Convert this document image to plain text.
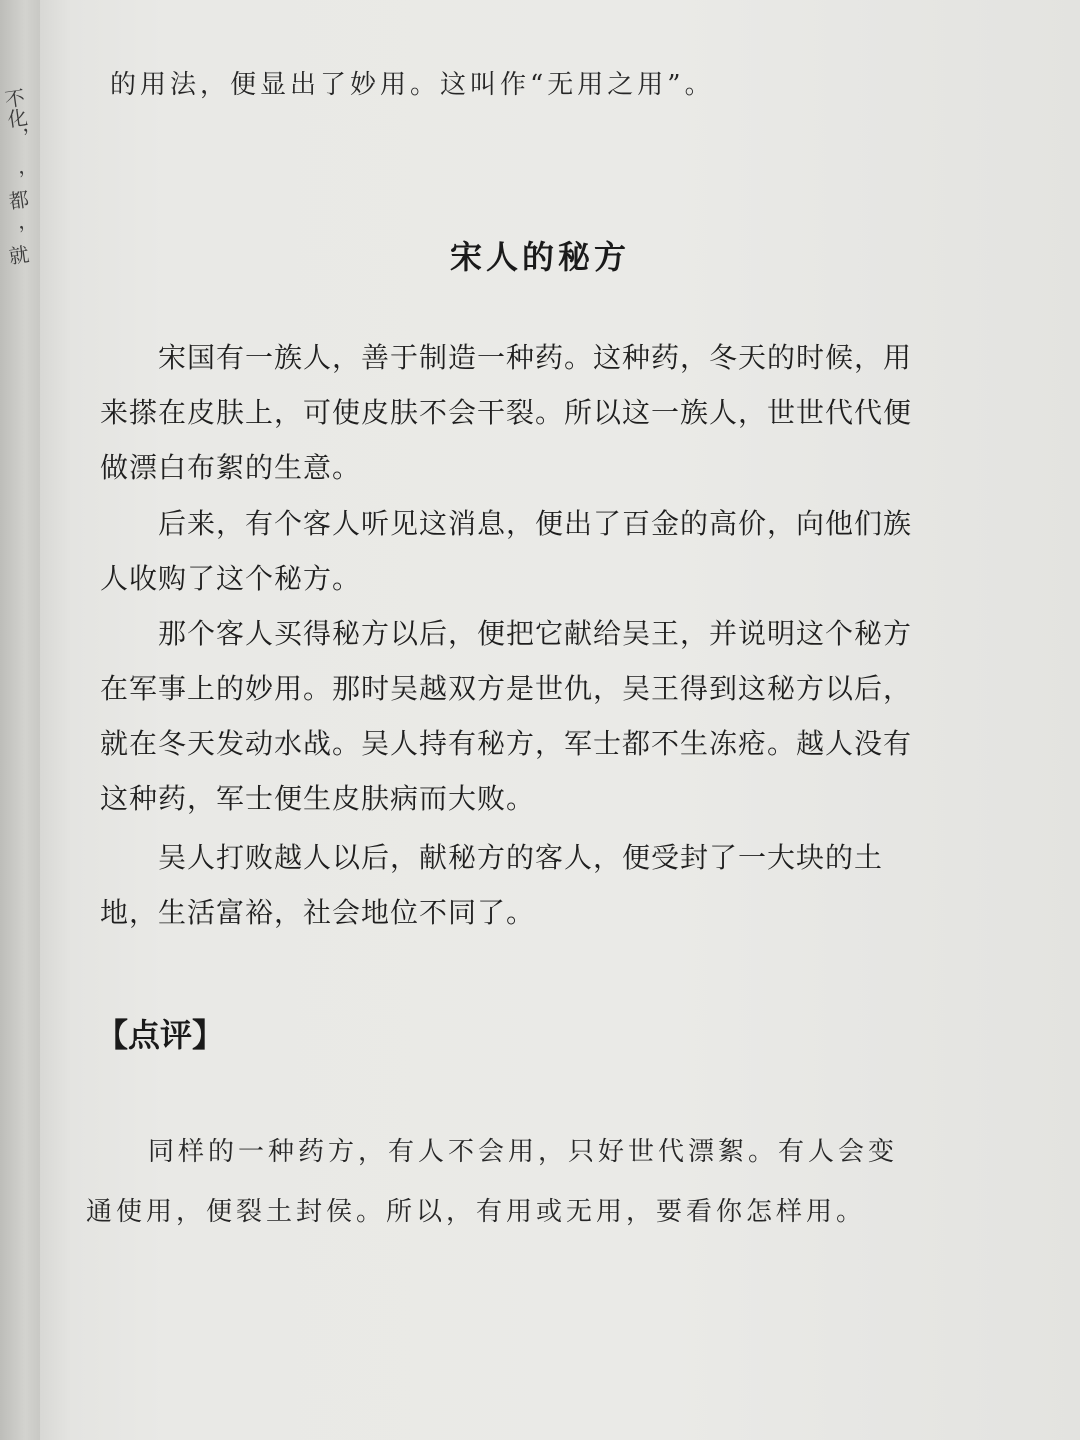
不化，
，都
，就
的用法，便显出了妙用。这叫作“无用之用”。
宋人的秘方
宋国有一族人，善于制造一种药。这种药，冬天的时候，用来搽在皮肤上，可使皮肤不会干裂。所以这一族人，世世代代便做漂白布絮的生意。
后来，有个客人听见这消息，便出了百金的高价，向他们族人收购了这个秘方。
那个客人买得秘方以后，便把它献给吴王，并说明这个秘方在军事上的妙用。那时吴越双方是世仇，吴王得到这秘方以后，就在冬天发动水战。吴人持有秘方，军士都不生冻疮。越人没有这种药，军士便生皮肤病而大败。
吴人打败越人以后，献秘方的客人，便受封了一大块的土地，生活富裕，社会地位不同了。
【点评】
同样的一种药方，有人不会用，只好世代漂絮。有人会变通使用，便裂土封侯。所以，有用或无用，要看你怎样用。
